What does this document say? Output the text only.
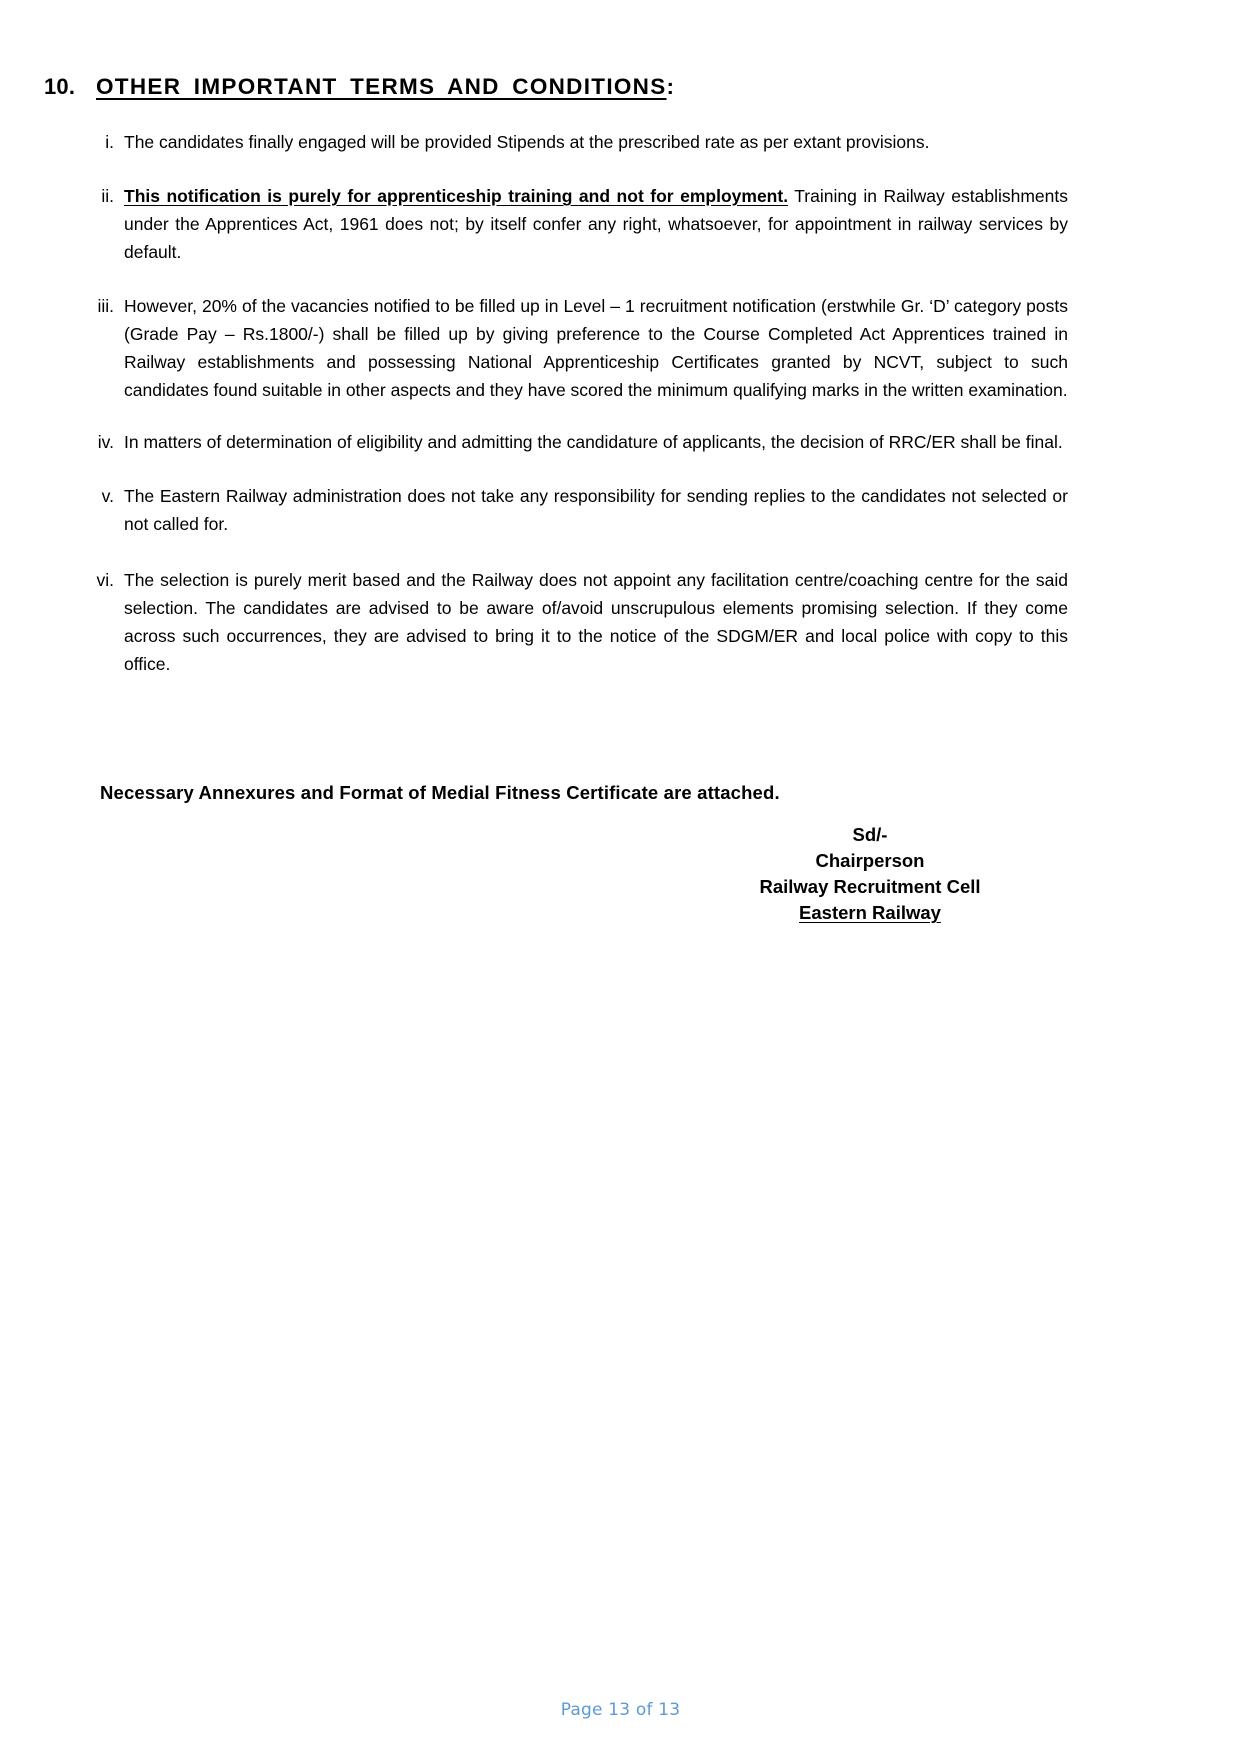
10. OTHER IMPORTANT TERMS AND CONDITIONS:
i. The candidates finally engaged will be provided Stipends at the prescribed rate as per extant provisions.
ii. This notification is purely for apprenticeship training and not for employment. Training in Railway establishments under the Apprentices Act, 1961 does not; by itself confer any right, whatsoever, for appointment in railway services by default.
iii. However, 20% of the vacancies notified to be filled up in Level – 1 recruitment notification (erstwhile Gr. ‘D’ category posts (Grade Pay – Rs.1800/-) shall be filled up by giving preference to the Course Completed Act Apprentices trained in Railway establishments and possessing National Apprenticeship Certificates granted by NCVT, subject to such candidates found suitable in other aspects and they have scored the minimum qualifying marks in the written examination.
iv. In matters of determination of eligibility and admitting the candidature of applicants, the decision of RRC/ER shall be final.
v. The Eastern Railway administration does not take any responsibility for sending replies to the candidates not selected or not called for.
vi. The selection is purely merit based and the Railway does not appoint any facilitation centre/coaching centre for the said selection. The candidates are advised to be aware of/avoid unscrupulous elements promising selection. If they come across such occurrences, they are advised to bring it to the notice of the SDGM/ER and local police with copy to this office.
Necessary Annexures and Format of Medial Fitness Certificate are attached.
Sd/-
Chairperson
Railway Recruitment Cell
Eastern Railway
Page 13 of 13
